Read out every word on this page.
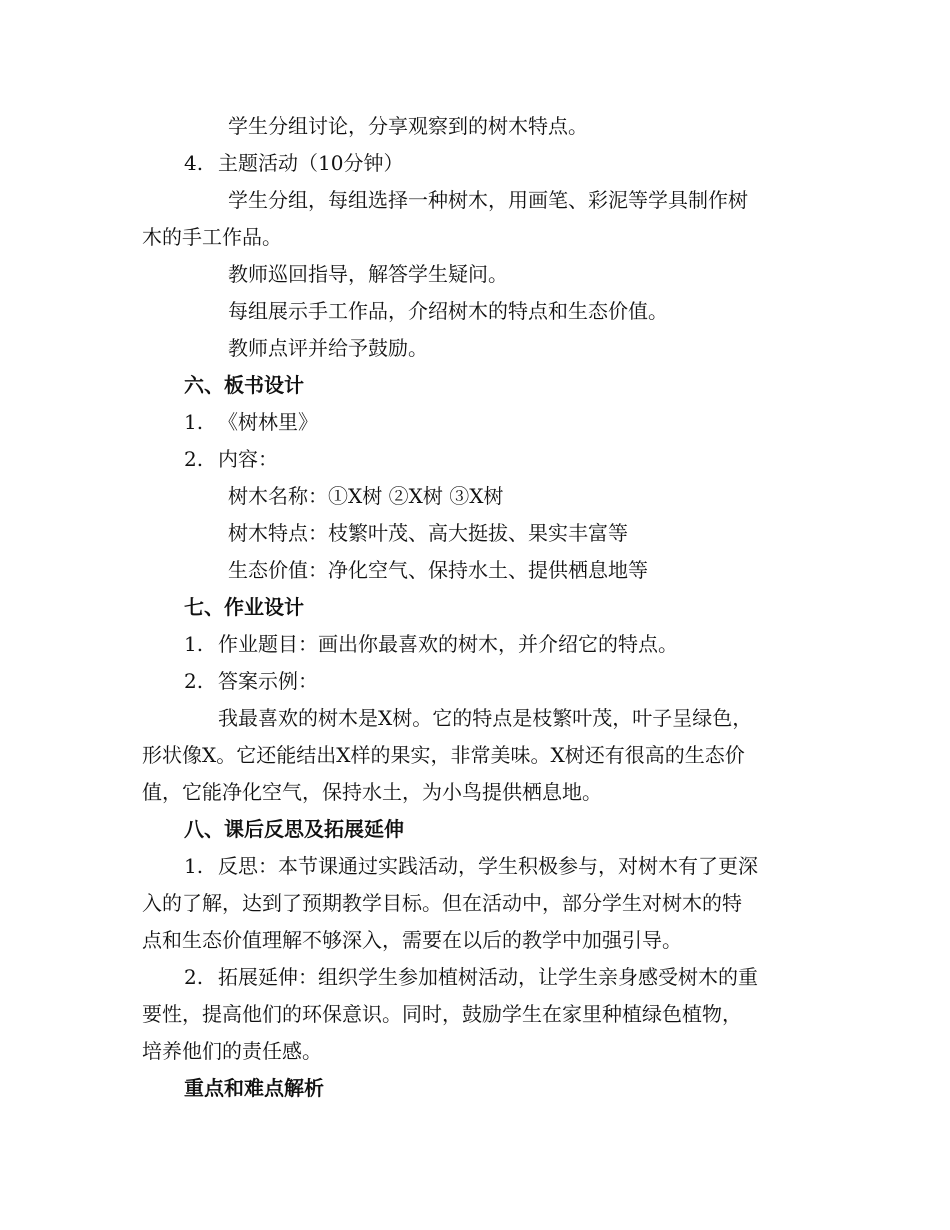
学生分组讨论，分享观察到的树木特点。
4. 主题活动（10分钟）
学生分组，每组选择一种树木，用画笔、彩泥等学具制作树
木的手工作品。
教师巡回指导，解答学生疑问。
每组展示手工作品，介绍树木的特点和生态价值。
教师点评并给予鼓励。
六、板书设计
1. 《树林里》
2. 内容：
树木名称：①X树 ②X树 ③X树
树木特点：枝繁叶茂、高大挺拔、果实丰富等
生态价值：净化空气、保持水土、提供栖息地等
七、作业设计
1. 作业题目：画出你最喜欢的树木，并介绍它的特点。
2. 答案示例：
我最喜欢的树木是X树。它的特点是枝繁叶茂，叶子呈绿色，
形状像X。它还能结出X样的果实，非常美味。X树还有很高的生态价
值，它能净化空气，保持水土，为小鸟提供栖息地。
八、课后反思及拓展延伸
1. 反思：本节课通过实践活动，学生积极参与，对树木有了更深
入的了解，达到了预期教学目标。但在活动中，部分学生对树木的特
点和生态价值理解不够深入，需要在以后的教学中加强引导。
2. 拓展延伸：组织学生参加植树活动，让学生亲身感受树木的重
要性，提高他们的环保意识。同时，鼓励学生在家里种植绿色植物，
培养他们的责任感。
重点和难点解析
